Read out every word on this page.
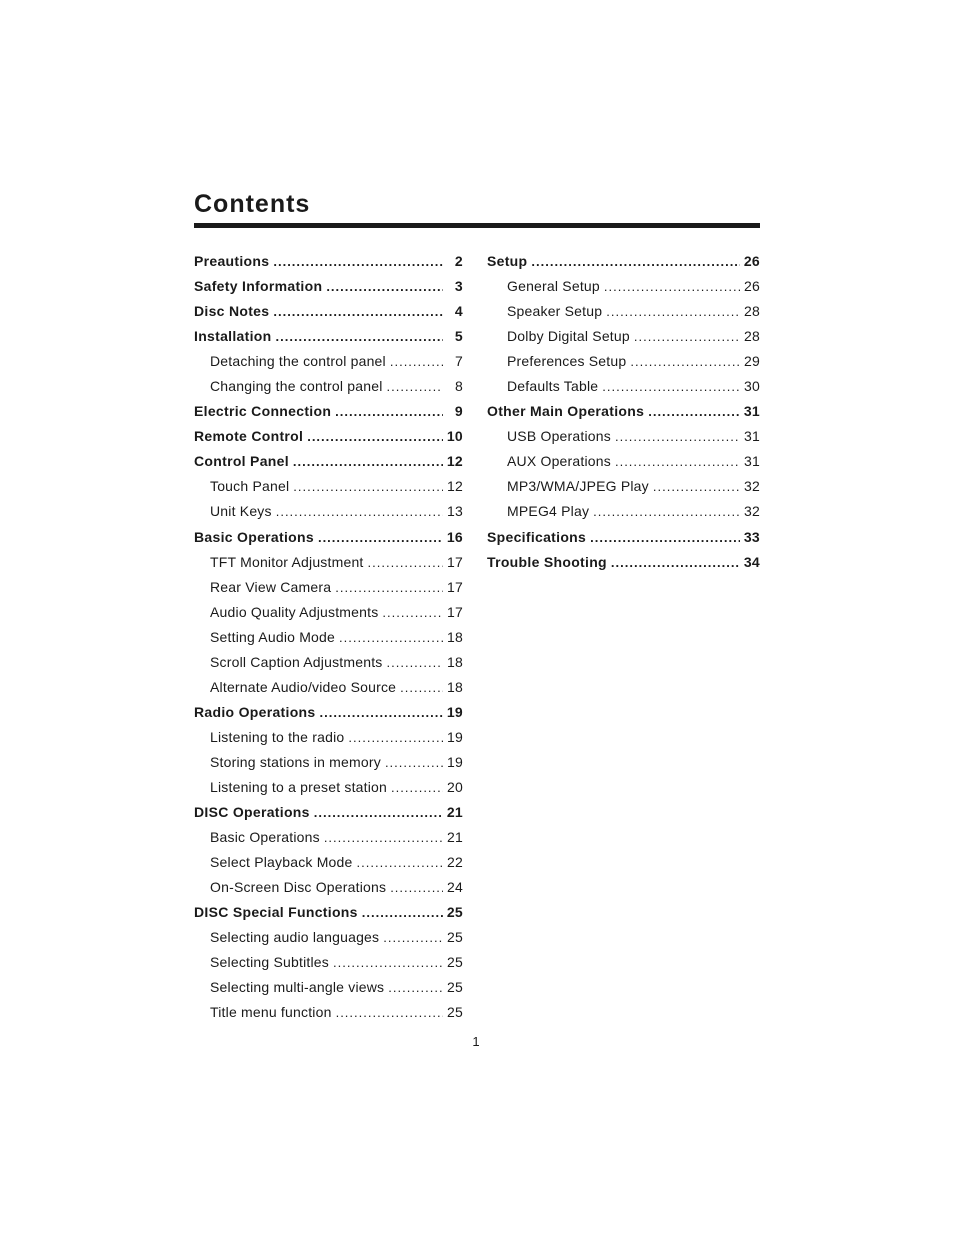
Contents
Preautions .....	2
Safety Information .....	3
Disc Notes .....	4
Installation .....	5
Detaching the control panel .....	7
Changing the control panel .....	8
Electric Connection .....	9
Remote Control .....	10
Control Panel .....	12
Touch Panel .....	12
Unit Keys .....	13
Basic Operations .....	16
TFT Monitor Adjustment .....	17
Rear View Camera .....	17
Audio Quality Adjustments .....	17
Setting Audio Mode .....	18
Scroll Caption Adjustments .....	18
Alternate Audio/video Source .....	18
Radio Operations .....	19
Listening to the radio .....	19
Storing stations in memory .....	19
Listening to a preset station .....	20
DISC Operations .....	21
Basic Operations .....	21
Select Playback Mode .....	22
On-Screen Disc Operations .....	24
DISC Special Functions .....	25
Selecting audio languages .....	25
Selecting Subtitles .....	25
Selecting multi-angle views .....	25
Title menu function .....	25
Setup .....	26
General Setup .....	26
Speaker Setup .....	28
Dolby Digital Setup .....	28
Preferences Setup .....	29
Defaults Table .....	30
Other Main Operations .....	31
USB Operations .....	31
AUX Operations .....	31
MP3/WMA/JPEG Play .....	32
MPEG4 Play .....	32
Specifications .....	33
Trouble Shooting .....	34
1
